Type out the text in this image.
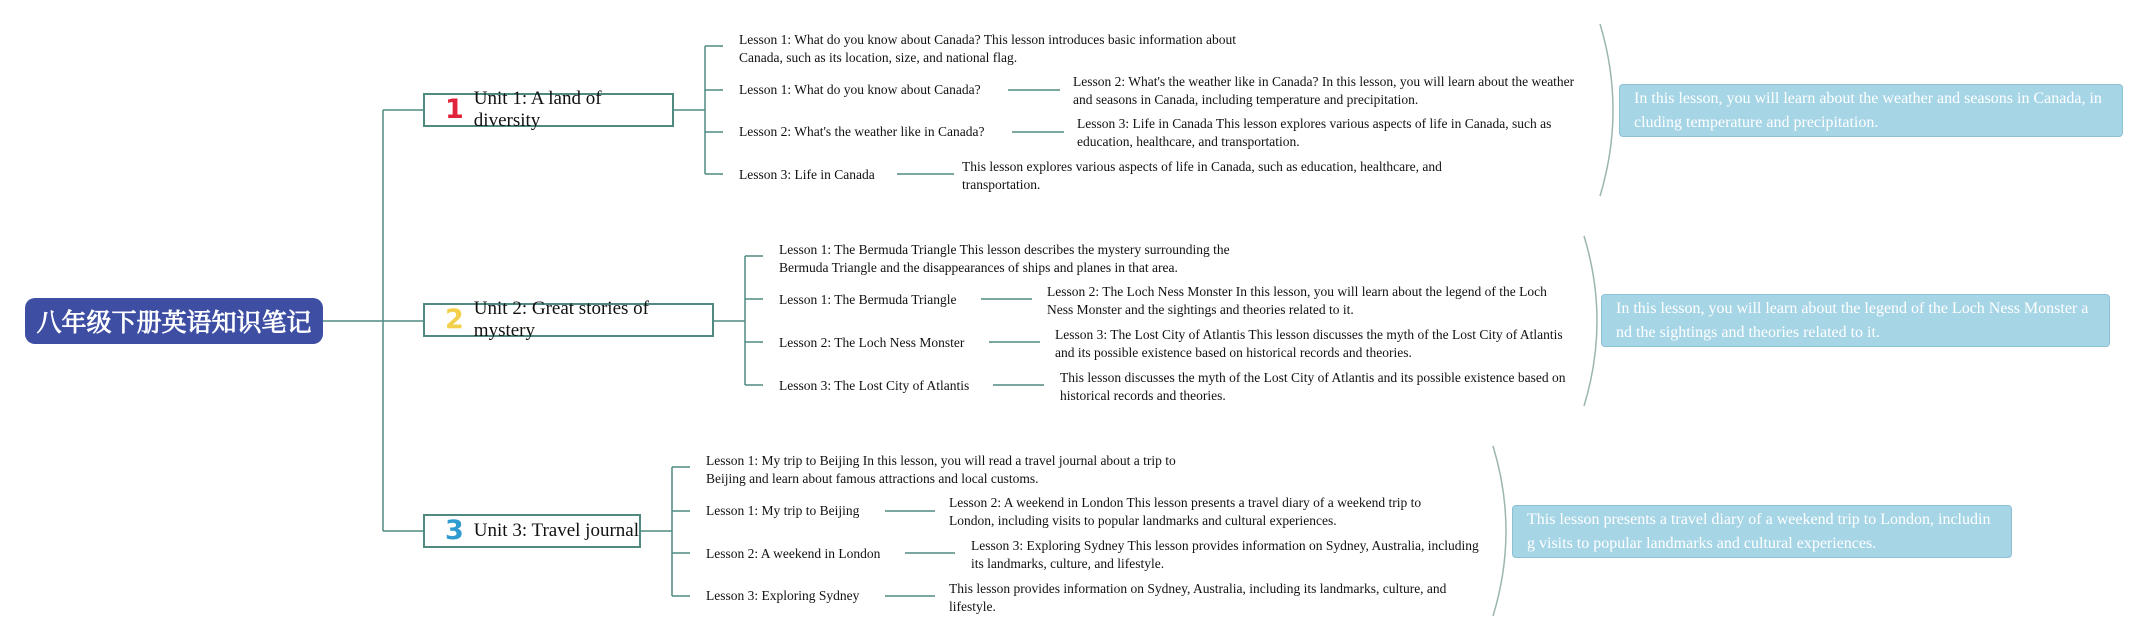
八年级下册英语知识笔记
1 Unit 1: A land of diversity
Lesson 1: What do you know about Canada? This lesson introduces basic information about Canada, such as its location, size, and national flag.
Lesson 1: What do you know about Canada?
Lesson 2: What's the weather like in Canada?
Lesson 3: Life in Canada
Lesson 2: What's the weather like in Canada? In this lesson, you will learn about the weather and seasons in Canada, including temperature and precipitation.
Lesson 3: Life in Canada This lesson explores various aspects of life in Canada, such as education, healthcare, and transportation.
This lesson explores various aspects of life in Canada, such as education, healthcare, and transportation.
In this lesson, you will learn about the weather and seasons in Canada, including temperature and precipitation.
2 Unit 2: Great stories of mystery
Lesson 1: The Bermuda Triangle This lesson describes the mystery surrounding the Bermuda Triangle and the disappearances of ships and planes in that area.
Lesson 1: The Bermuda Triangle
Lesson 2: The Loch Ness Monster
Lesson 3: The Lost City of Atlantis
Lesson 2: The Loch Ness Monster In this lesson, you will learn about the legend of the Loch Ness Monster and the sightings and theories related to it.
Lesson 3: The Lost City of Atlantis This lesson discusses the myth of the Lost City of Atlantis and its possible existence based on historical records and theories.
This lesson discusses the myth of the Lost City of Atlantis and its possible existence based on historical records and theories.
In this lesson, you will learn about the legend of the Loch Ness Monster and the sightings and theories related to it.
3 Unit 3: Travel journal
Lesson 1: My trip to Beijing In this lesson, you will read a travel journal about a trip to Beijing and learn about famous attractions and local customs.
Lesson 1: My trip to Beijing
Lesson 2: A weekend in London
Lesson 3: Exploring Sydney
Lesson 2: A weekend in London This lesson presents a travel diary of a weekend trip to London, including visits to popular landmarks and cultural experiences.
Lesson 3: Exploring Sydney This lesson provides information on Sydney, Australia, including its landmarks, culture, and lifestyle.
This lesson provides information on Sydney, Australia, including its landmarks, culture, and lifestyle.
This lesson presents a travel diary of a weekend trip to London, including visits to popular landmarks and cultural experiences.
